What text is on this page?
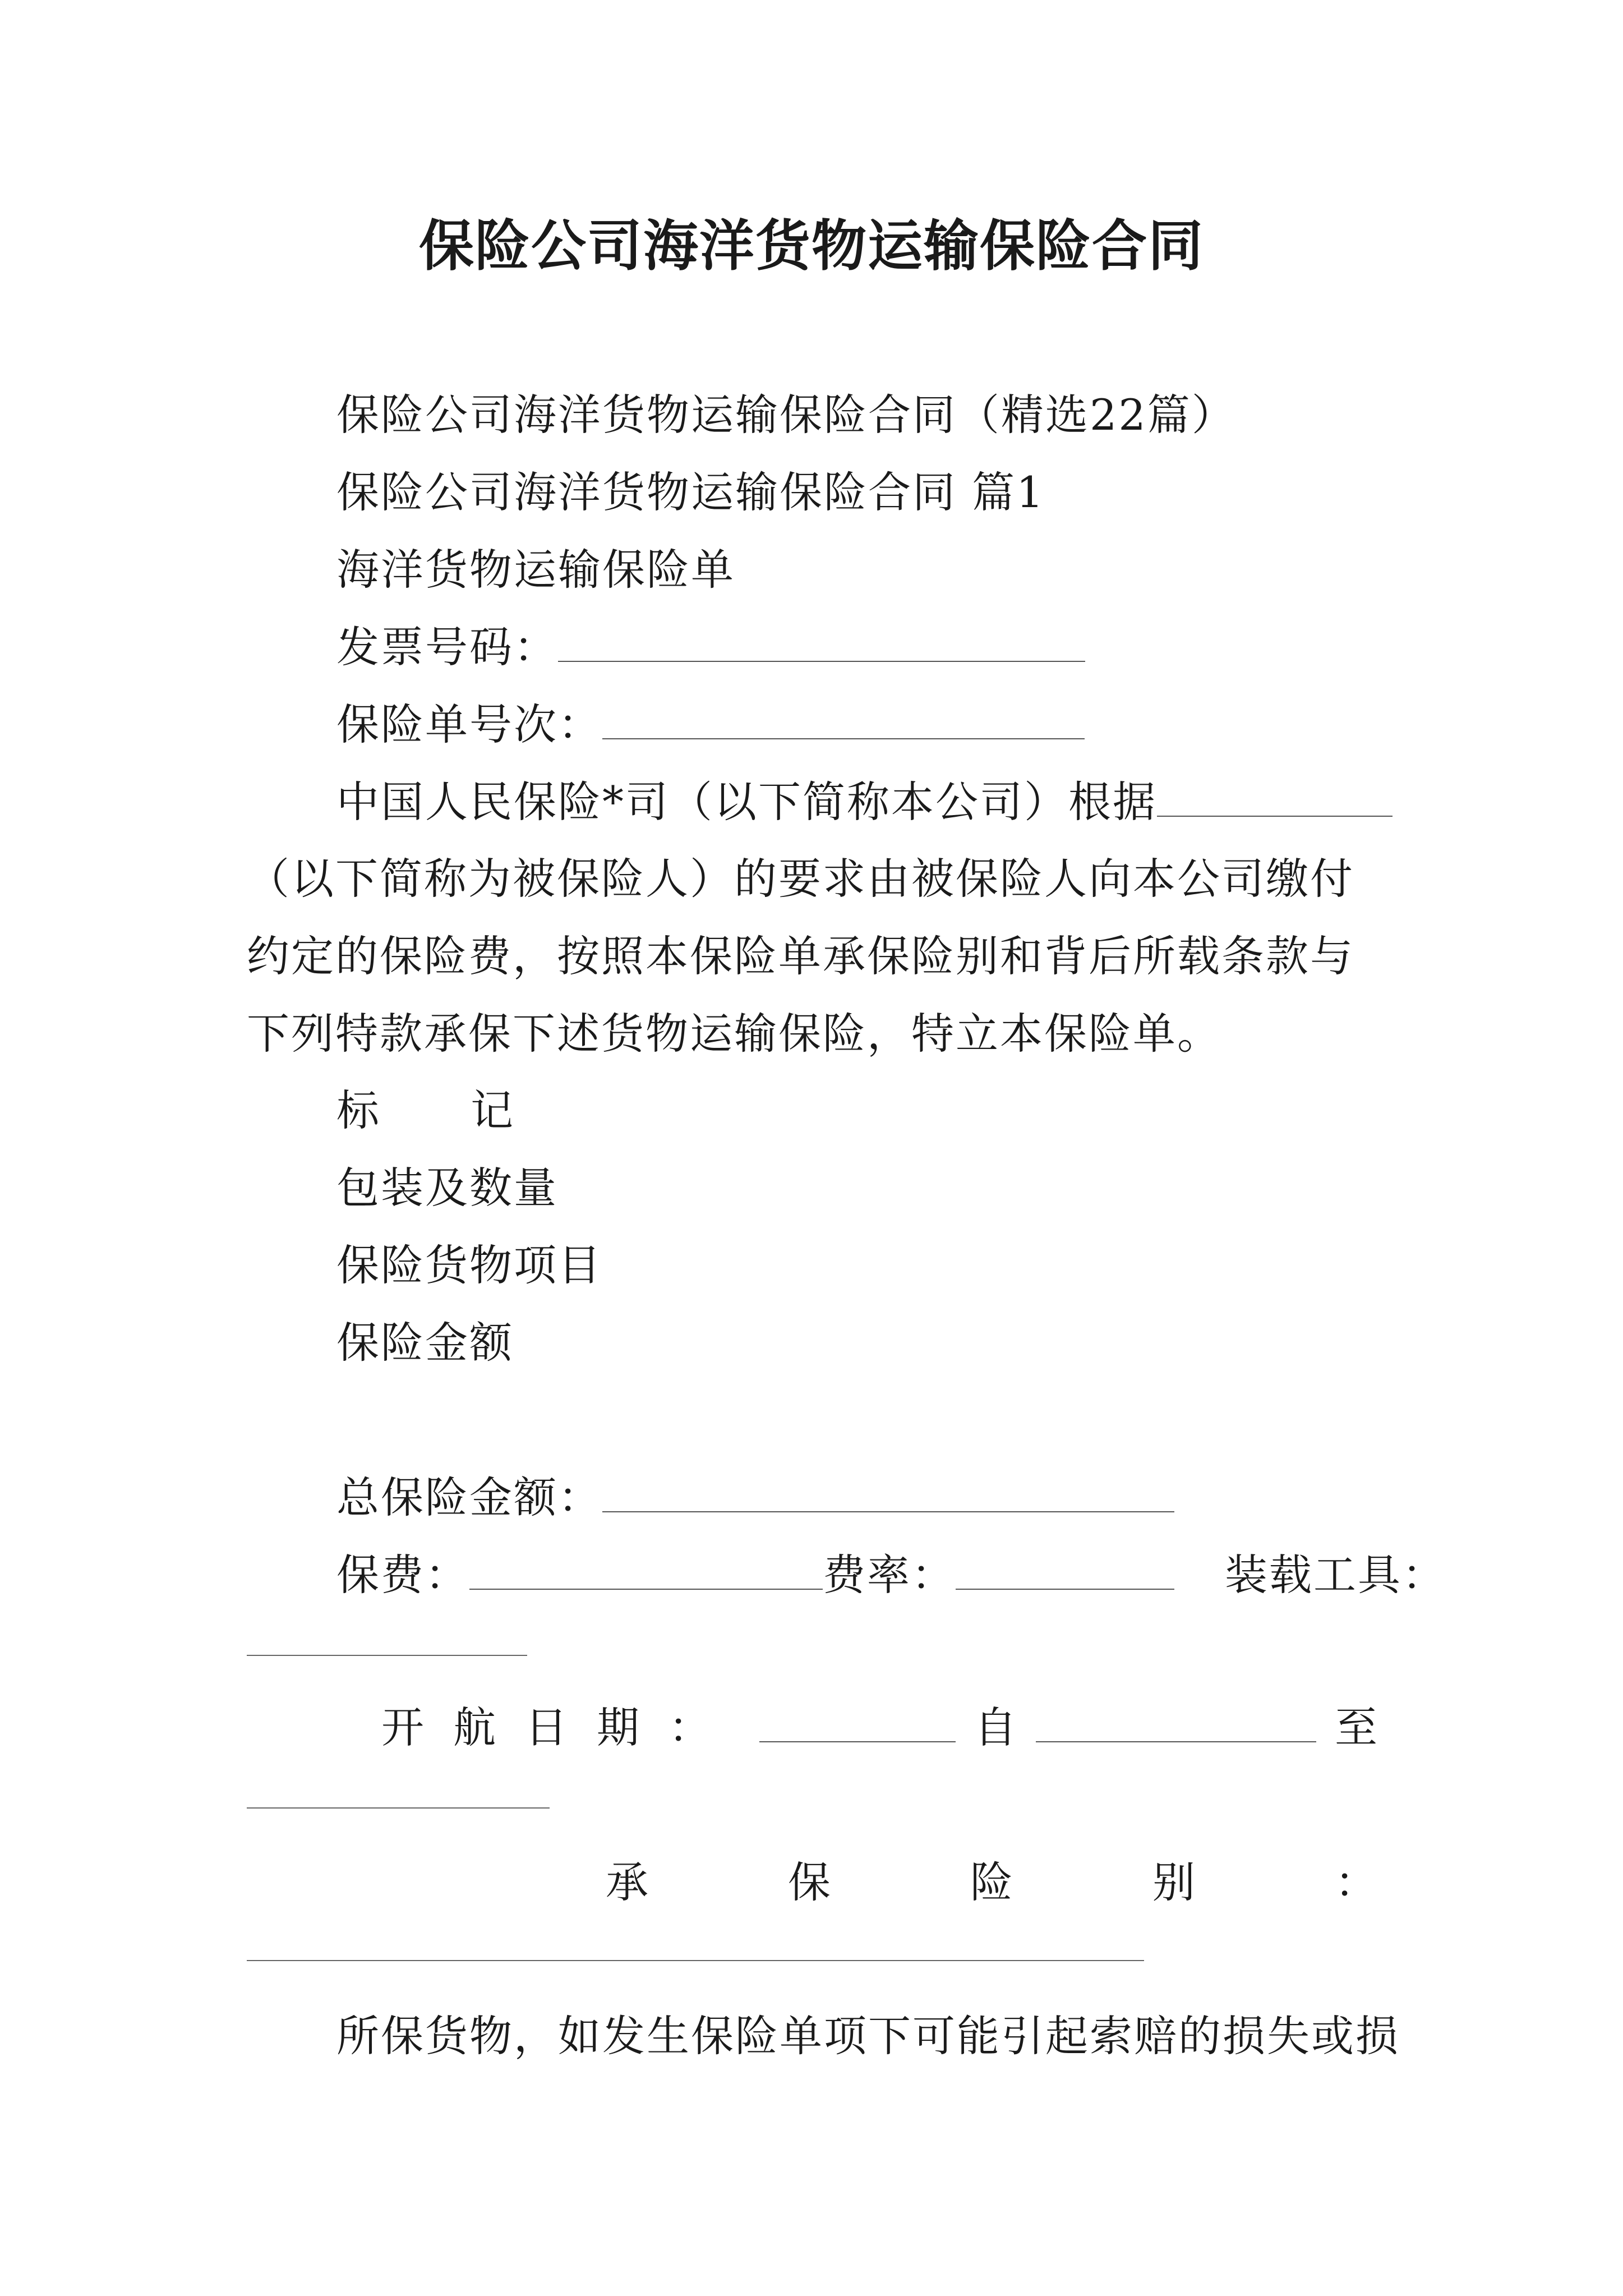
保险公司海洋货物运输保险合同
保险公司海洋货物运输保险合同（精选22篇）
保险公司海洋货物运输保险合同 篇1
海洋货物运输保险单
发票号码：
保险单号次：
中国人民保险*司（以下简称本公司）根据

（以下简称为被保险人）的要求由被保险人向本公司缴付约定的保险费，按照本保险单承保险别和背后所载条款与下列特款承保下述货物运输保险，特立本保险单。

标 记
包装及数量
保险货物项目
保险金额
总保险金额：
保费：	费率：	装载工具：
开航日期：	自	至
承	保	险	别	：
所保货物，如发生保险单项下可能引起索赔的损失或损
